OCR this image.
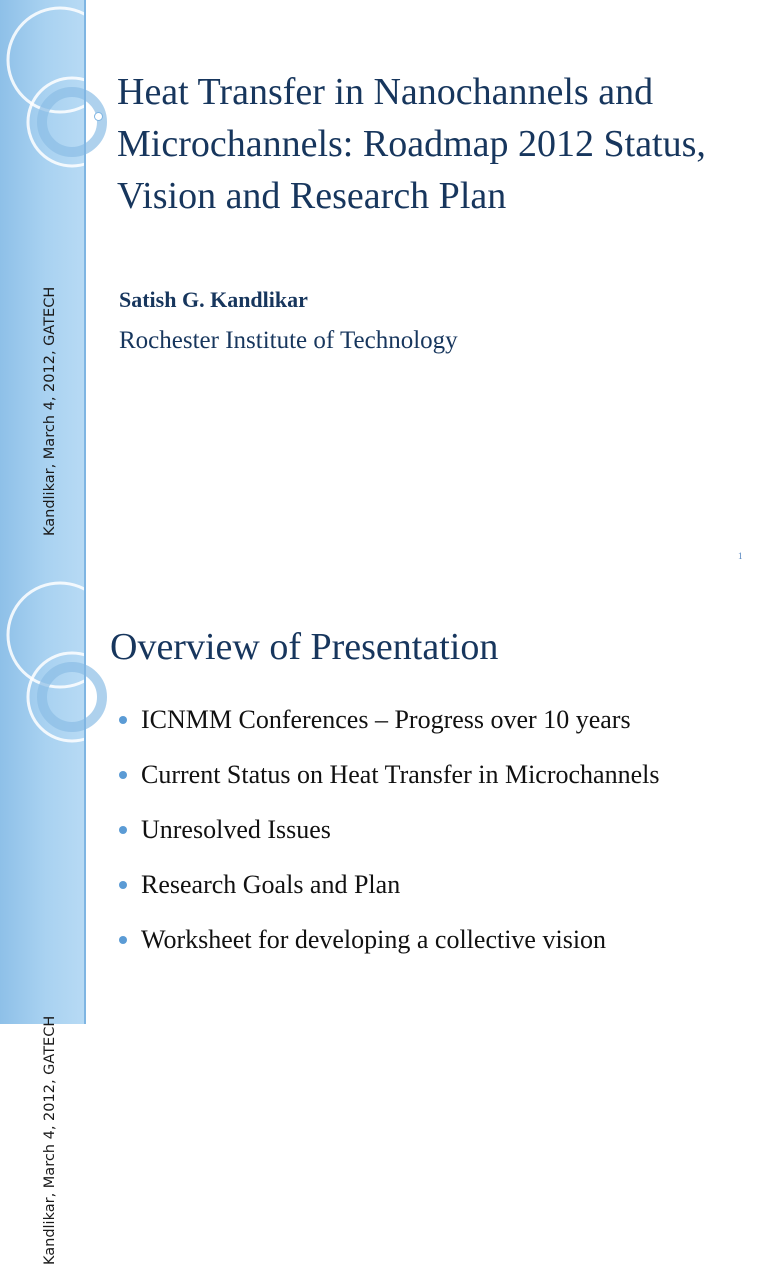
Kandlikar, March 4, 2012, GATECH
Heat Transfer in Nanochannels and Microchannels: Roadmap 2012 Status, Vision and Research Plan
Satish G. Kandlikar
Rochester Institute of Technology
1
Kandlikar, March 4, 2012, GATECH
Overview of Presentation
ICNMM Conferences – Progress over 10 years
Current Status on Heat Transfer in Microchannels
Unresolved Issues
Research Goals and Plan
Worksheet for developing a collective vision
